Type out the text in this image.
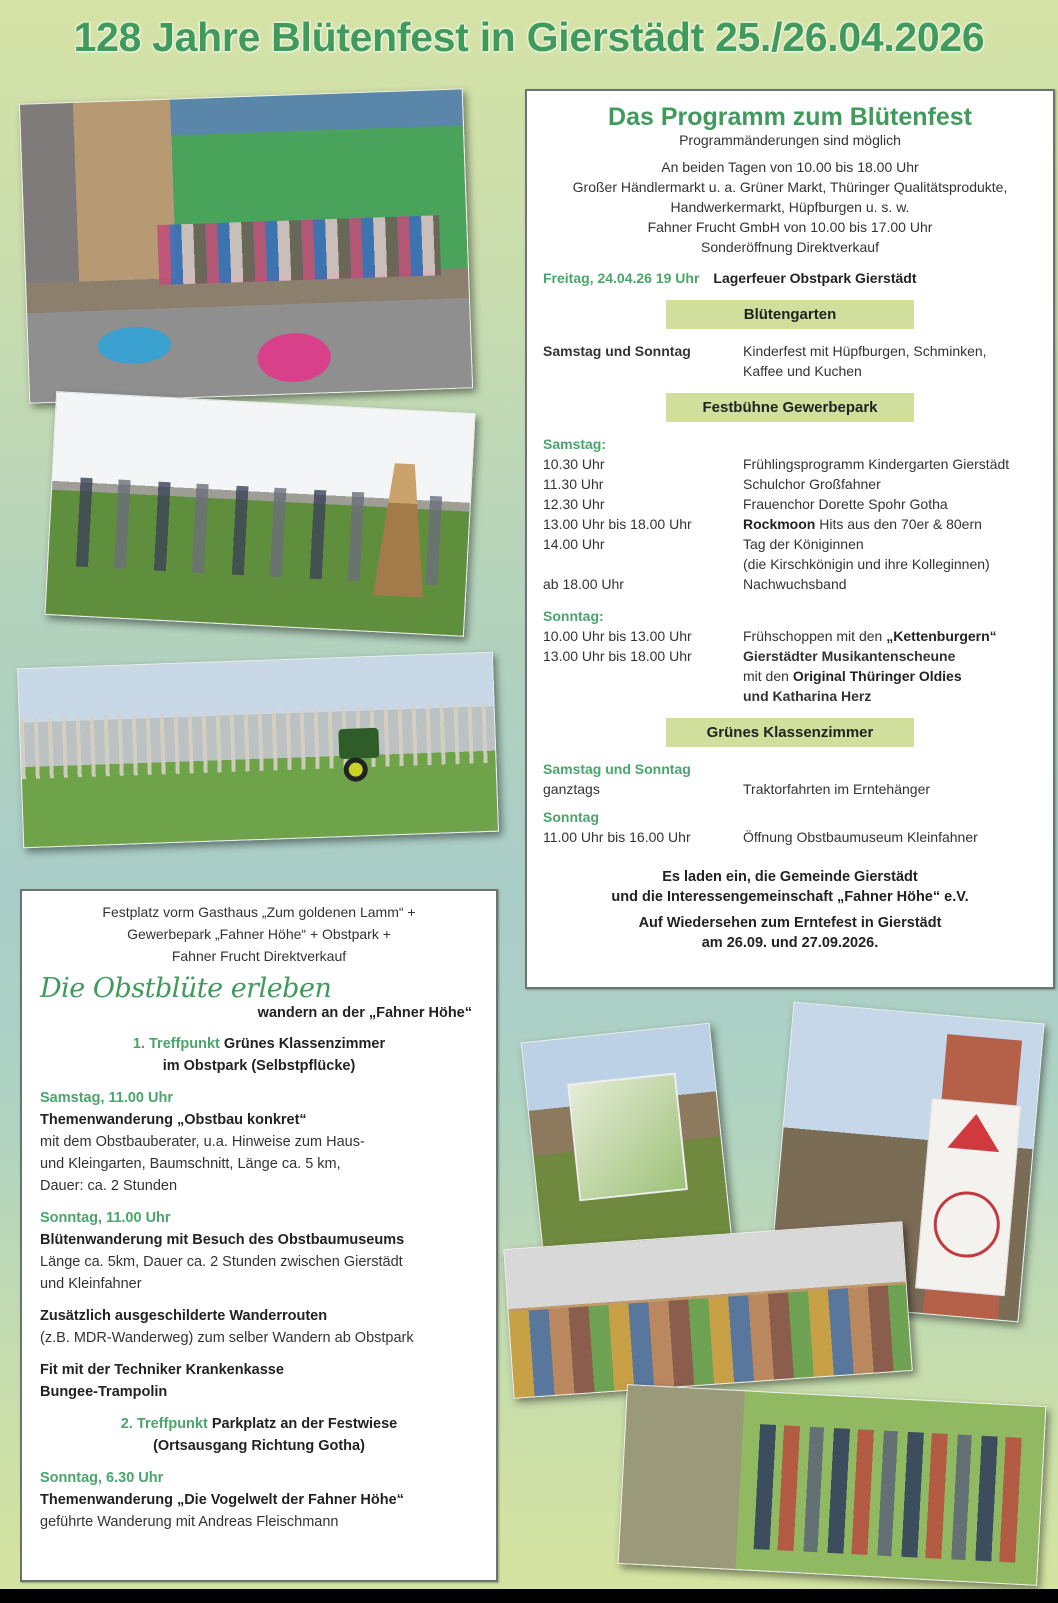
128 Jahre Blütenfest in Gierstädt 25./26.04.2026
Das Programm zum Blütenfest
Programmänderungen sind möglich
An beiden Tagen von 10.00 bis 18.00 Uhr
Großer Händlermarkt u. a. Grüner Markt, Thüringer Qualitätsprodukte,
Handwerkermarkt, Hüpfburgen u. s. w.
Fahner Frucht GmbH von 10.00 bis 17.00 Uhr
Sonderöffnung Direktverkauf
Freitag, 24.04.26 19 Uhr Lagerfeuer Obstpark Gierstädt
Blütengarten
Samstag und Sonntag	Kinderfest mit Hüpfburgen, Schminken,
Kaffee und Kuchen
Festbühne Gewerbepark
Samstag:
10.30 Uhr	Frühlingsprogramm Kindergarten Gierstädt
11.30 Uhr	Schulchor Großfahner
12.30 Uhr	Frauenchor Dorette Spohr Gotha
13.00 Uhr bis 18.00 Uhr	Rockmoon Hits aus den 70er & 80ern
14.00 Uhr	Tag der Königinnen
(die Kirschkönigin und ihre Kolleginnen)
ab 18.00 Uhr	Nachwuchsband
Sonntag:
10.00 Uhr bis 13.00 Uhr	Frühschoppen mit den „Kettenburgern“
13.00 Uhr bis 18.00 Uhr	Gierstädter Musikantenscheune
mit den Original Thüringer Oldies
und Katharina Herz
Grünes Klassenzimmer
Samstag und Sonntag
ganztags	Traktorfahrten im Erntehänger
Sonntag
11.00 Uhr bis 16.00 Uhr	Öffnung Obstbaumuseum Kleinfahner
Es laden ein, die Gemeinde Gierstädt
und die Interessengemeinschaft „Fahner Höhe“ e.V.
Auf Wiedersehen zum Erntefest in Gierstädt
am 26.09. und 27.09.2026.
Festplatz vorm Gasthaus „Zum goldenen Lamm“ +
Gewerbepark „Fahner Höhe“ + Obstpark +
Fahner Frucht Direktverkauf
Die Obstblüte erleben
wandern an der „Fahner Höhe“
1. Treffpunkt Grünes Klassenzimmer
im Obstpark (Selbstpflücke)
Samstag, 11.00 Uhr
Themenwanderung „Obstbau konkret“
mit dem Obstbauberater, u.a. Hinweise zum Haus-
und Kleingarten, Baumschnitt, Länge ca. 5 km,
Dauer: ca. 2 Stunden
Sonntag, 11.00 Uhr
Blütenwanderung mit Besuch des Obstbaumuseums
Länge ca. 5km, Dauer ca. 2 Stunden zwischen Gierstädt
und Kleinfahner
Zusätzlich ausgeschilderte Wanderrouten
(z.B. MDR-Wanderweg) zum selber Wandern ab Obstpark
Fit mit der Techniker Krankenkasse
Bungee-Trampolin
2. Treffpunkt Parkplatz an der Festwiese
(Ortsausgang Richtung Gotha)
Sonntag, 6.30 Uhr
Themenwanderung „Die Vogelwelt der Fahner Höhe“
geführte Wanderung mit Andreas Fleischmann
